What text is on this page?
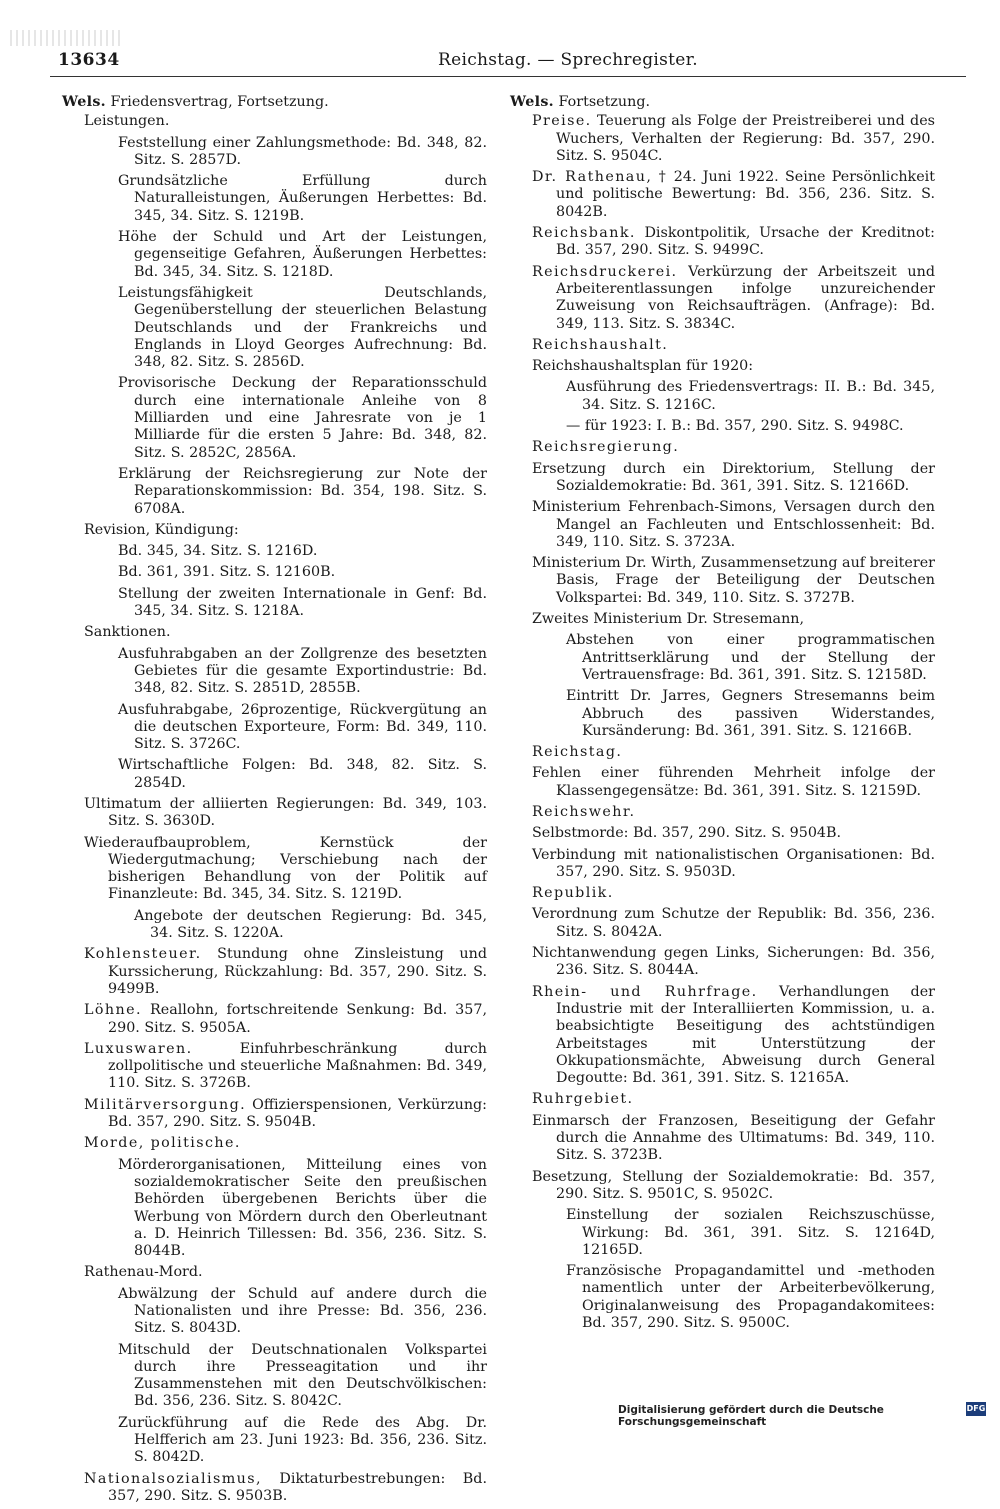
13634	Reichstag. — Sprechregister.
Wels. Friedensvertrag, Fortsetzung.
Leistungen.
Feststellung einer Zahlungsmethode: Bd. 348, 82. Sitz. S. 2857D.
Grundsätzliche Erfüllung durch Naturalleistungen, Äußerungen Herbettes: Bd. 345, 34. Sitz. S. 1219B.
Höhe der Schuld und Art der Leistungen, gegenseitige Gefahren, Äußerungen Herbettes: Bd. 345, 34. Sitz. S. 1218D.
Leistungsfähigkeit Deutschlands, Gegenüberstellung der steuerlichen Belastung Deutschlands und der Frankreichs und Englands in Lloyd Georges Aufrechnung: Bd. 348, 82. Sitz. S. 2856D.
Provisorische Deckung der Reparationsschuld durch eine internationale Anleihe von 8 Milliarden und eine Jahresrate von je 1 Milliarde für die ersten 5 Jahre: Bd. 348, 82. Sitz. S. 2852C, 2856A.
Erklärung der Reichsregierung zur Note der Reparationskommission: Bd. 354, 198. Sitz. S. 6708A.
Revision, Kündigung:
Bd. 345, 34. Sitz. S. 1216D.
Bd. 361, 391. Sitz. S. 12160B.
Stellung der zweiten Internationale in Genf: Bd. 345, 34. Sitz. S. 1218A.
Sanktionen.
Ausfuhrabgaben an der Zollgrenze des besetzten Gebietes für die gesamte Exportindustrie: Bd. 348, 82. Sitz. S. 2851D, 2855B.
Ausfuhrabgabe, 26prozentige, Rückvergütung an die deutschen Exporteure, Form: Bd. 349, 110. Sitz. S. 3726C.
Wirtschaftliche Folgen: Bd. 348, 82. Sitz. S. 2854D.
Ultimatum der alliierten Regierungen: Bd. 349, 103. Sitz. S. 3630D.
Wiederaufbauproblem, Kernstück der Wiedergutmachung; Verschiebung nach der bisherigen Behandlung von der Politik auf Finanzleute: Bd. 345, 34. Sitz. S. 1219D.
Angebote der deutschen Regierung: Bd. 345, 34. Sitz. S. 1220A.
Kohlensteuer. Stundung ohne Zinsleistung und Kurssicherung, Rückzahlung: Bd. 357, 290. Sitz. S. 9499B.
Löhne. Reallohn, fortschreitende Senkung: Bd. 357, 290. Sitz. S. 9505A.
Luxuswaren. Einfuhrbeschränkung durch zollpolitische und steuerliche Maßnahmen: Bd. 349, 110. Sitz. S. 3726B.
Militärversorgung. Offizierspensionen, Verkürzung: Bd. 357, 290. Sitz. S. 9504B.
Morde, politische.
Mörderorganisationen, Mitteilung eines von sozialdemokratischer Seite den preußischen Behörden übergebenen Berichts über die Werbung von Mördern durch den Oberleutnant a. D. Heinrich Tillessen: Bd. 356, 236. Sitz. S. 8044B.
Rathenau-Mord.
Abwälzung der Schuld auf andere durch die Nationalisten und ihre Presse: Bd. 356, 236. Sitz. S. 8043D.
Mitschuld der Deutschnationalen Volkspartei durch ihre Presseagitation und ihr Zusammenstehen mit den Deutschvölkischen: Bd. 356, 236. Sitz. S. 8042C.
Zurückführung auf die Rede des Abg. Dr. Helfferich am 23. Juni 1923: Bd. 356, 236. Sitz. S. 8042D.
Nationalsozialismus, Diktaturbestrebungen: Bd. 357, 290. Sitz. S. 9503B.
Wels. Fortsetzung.
Preise. Teuerung als Folge der Preistreiberei und des Wuchers, Verhalten der Regierung: Bd. 357, 290. Sitz. S. 9504C.
Dr. Rathenau, † 24. Juni 1922. Seine Persönlichkeit und politische Bewertung: Bd. 356, 236. Sitz. S. 8042B.
Reichsbank. Diskontpolitik, Ursache der Kreditnot: Bd. 357, 290. Sitz. S. 9499C.
Reichsdruckerei. Verkürzung der Arbeitszeit und Arbeiterentlassungen infolge unzureichender Zuweisung von Reichsaufträgen. (Anfrage): Bd. 349, 113. Sitz. S. 3834C.
Reichshaushalt.
Reichshaushaltsplan für 1920:
Ausführung des Friedensvertrags: II. B.: Bd. 345, 34. Sitz. S. 1216C.
— für 1923: I. B.: Bd. 357, 290. Sitz. S. 9498C.
Reichsregierung.
Ersetzung durch ein Direktorium, Stellung der Sozialdemokratie: Bd. 361, 391. Sitz. S. 12166D.
Ministerium Fehrenbach-Simons, Versagen durch den Mangel an Fachleuten und Entschlossenheit: Bd. 349, 110. Sitz. S. 3723A.
Ministerium Dr. Wirth, Zusammensetzung auf breiterer Basis, Frage der Beteiligung der Deutschen Volkspartei: Bd. 349, 110. Sitz. S. 3727B.
Zweites Ministerium Dr. Stresemann,
Abstehen von einer programmatischen Antrittserklärung und der Stellung der Vertrauensfrage: Bd. 361, 391. Sitz. S. 12158D.
Eintritt Dr. Jarres, Gegners Stresemanns beim Abbruch des passiven Widerstandes, Kursänderung: Bd. 361, 391. Sitz. S. 12166B.
Reichstag.
Fehlen einer führenden Mehrheit infolge der Klassengegensätze: Bd. 361, 391. Sitz. S. 12159D.
Reichswehr.
Selbstmorde: Bd. 357, 290. Sitz. S. 9504B.
Verbindung mit nationalistischen Organisationen: Bd. 357, 290. Sitz. S. 9503D.
Republik.
Verordnung zum Schutze der Republik: Bd. 356, 236. Sitz. S. 8042A.
Nichtanwendung gegen Links, Sicherungen: Bd. 356, 236. Sitz. S. 8044A.
Rhein- und Ruhrfrage. Verhandlungen der Industrie mit der Interalliierten Kommission, u. a. beabsichtigte Beseitigung des achtstündigen Arbeitstages mit Unterstützung der Okkupationsmächte, Abweisung durch General Degoutte: Bd. 361, 391. Sitz. S. 12165A.
Ruhrgebiet.
Einmarsch der Franzosen, Beseitigung der Gefahr durch die Annahme des Ultimatums: Bd. 349, 110. Sitz. S. 3723B.
Besetzung, Stellung der Sozialdemokratie: Bd. 357, 290. Sitz. S. 9501C, S. 9502C.
Einstellung der sozialen Reichszuschüsse, Wirkung: Bd. 361, 391. Sitz. S. 12164D, 12165D.
Französische Propagandamittel und -methoden namentlich unter der Arbeiterbevölkerung, Originalanweisung des Propagandakomitees: Bd. 357, 290. Sitz. S. 9500C.
Digitalisierung gefördert durch die Deutsche Forschungsgemeinschaft
DFG
